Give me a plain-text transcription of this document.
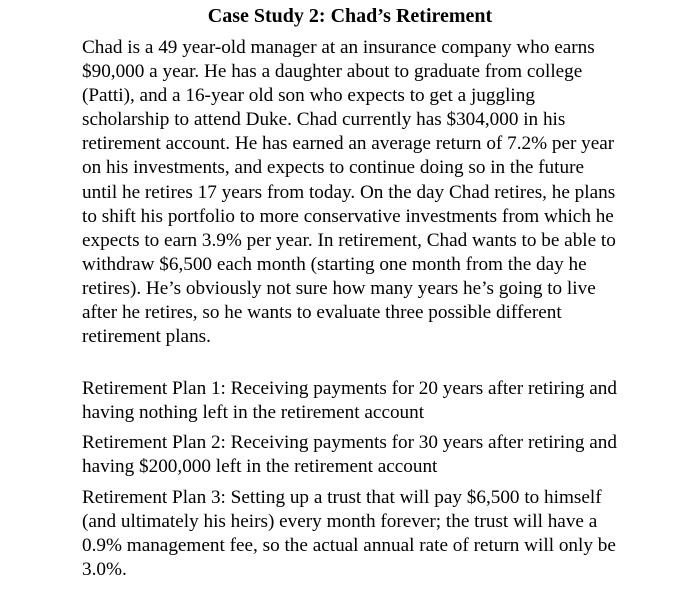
Case Study 2: Chad’s Retirement

Chad is a 49 year-old manager at an insurance company who earns $90,000 a year. He has a daughter about to graduate from college (Patti), and a 16-year old son who expects to get a juggling scholarship to attend Duke. Chad currently has $304,000 in his retirement account. He has earned an average return of 7.2% per year on his investments, and expects to continue doing so in the future until he retires 17 years from today. On the day Chad retires, he plans to shift his portfolio to more conservative investments from which he expects to earn 3.9% per year. In retirement, Chad wants to be able to withdraw $6,500 each month (starting one month from the day he retires). He’s obviously not sure how many years he’s going to live after he retires, so he wants to evaluate three possible different retirement plans.

Retirement Plan 1: Receiving payments for 20 years after retiring and having nothing left in the retirement account

Retirement Plan 2: Receiving payments for 30 years after retiring and having $200,000 left in the retirement account

Retirement Plan 3: Setting up a trust that will pay $6,500 to himself (and ultimately his heirs) every month forever; the trust will have a 0.9% management fee, so the actual annual rate of return will only be 3.0%.
